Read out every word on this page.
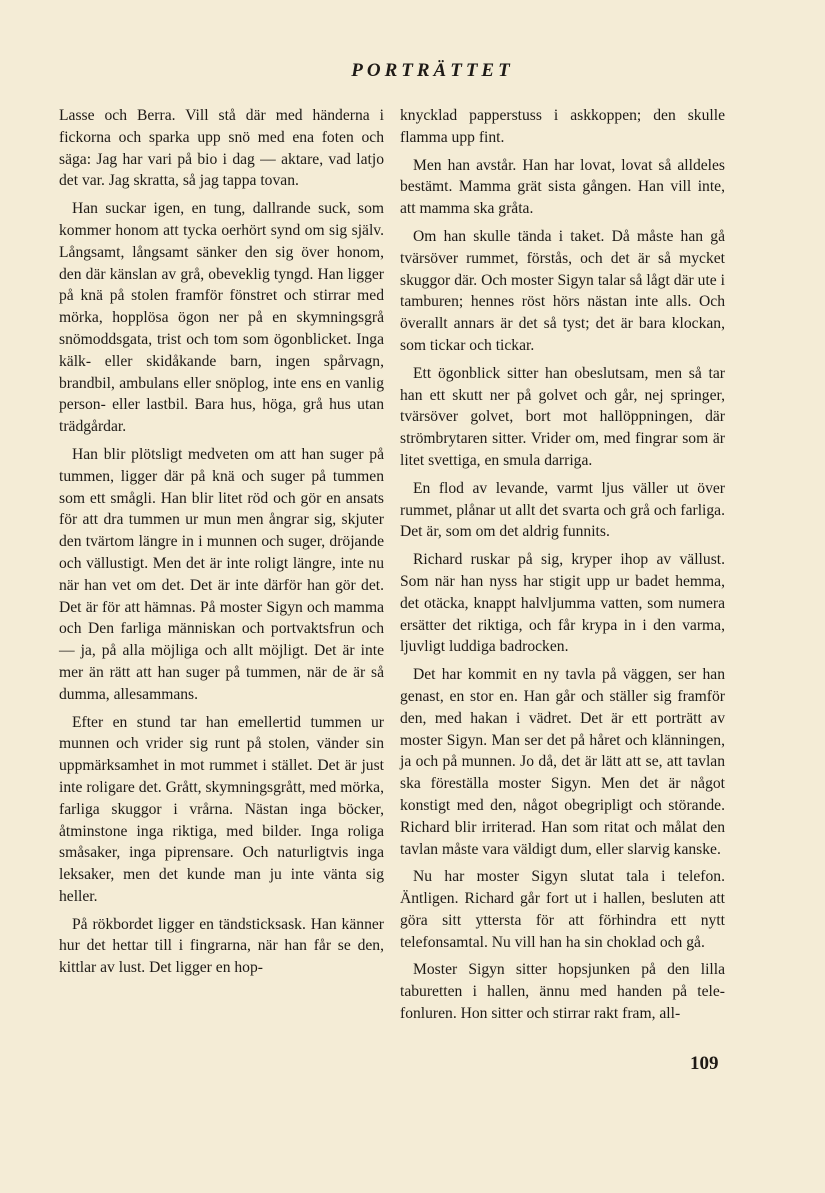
PORTRÄTTET

Lasse och Berra. Vill stå där med händerna i fickorna och sparka upp snö med ena foten och säga: Jag har vari på bio i dag — aktare, vad latjo det var. Jag skratta, så jag tappa tovan.

Han suckar igen, en tung, dallrande suck, som kommer honom att tycka oerhört synd om sig själv. Långsamt, långsamt sänker den sig över honom, den där känslan av grå, obeveklig tyngd. Han ligger på knä på stolen framför fönstret och stirrar med mörka, hopplösa ögon ner på en skymningsgrå snömoddsgata, trist och tom som ögonblicket. Inga kälk- eller skidåkande barn, ingen spårvagn, brandbil, ambulans eller snöplog, inte ens en vanlig person- eller lastbil. Bara hus, höga, grå hus utan trädgårdar.

Han blir plötsligt medveten om att han suger på tummen, ligger där på knä och suger på tummen som ett smågli. Han blir litet röd och gör en ansats för att dra tummen ur mun men ångrar sig, skjuter den tvärtom längre in i munnen och suger, dröjande och vällustigt. Men det är inte roligt längre, inte nu när han vet om det. Det är inte därför han gör det. Det är för att hämnas. På moster Sigyn och mamma och Den farliga människan och portvaktsfrun och — ja, på alla möjliga och allt möjligt. Det är inte mer än rätt att han suger på tummen, när de är så dumma, allesammans.

Efter en stund tar han emellertid tummen ur munnen och vrider sig runt på stolen, vänder sin uppmärksamhet in mot rummet i stället. Det är just inte roligare det. Grått, skymningsgrått, med mörka, farliga skuggor i vrårna. Nästan inga böcker, åtminstone inga riktiga, med bilder. Inga roliga småsaker, inga piprensare. Och naturligtvis inga leksaker, men det kunde man ju inte vänta sig heller.

På rökbordet ligger en tändsticksask. Han känner hur det hettar till i fingrarna, när han får se den, kittlar av lust. Det ligger en hop-

knycklad papperstuss i askkoppen; den skulle flamma upp fint.

Men han avstår. Han har lovat, lovat så alldeles bestämt. Mamma grät sista gången. Han vill inte, att mamma ska gråta.

Om han skulle tända i taket. Då måste han gå tvärsöver rummet, förstås, och det är så mycket skuggor där. Och moster Sigyn talar så lågt där ute i tamburen; hennes röst hörs nästan inte alls. Och överallt annars är det så tyst; det är bara klockan, som tickar och tickar.

Ett ögonblick sitter han obeslutsam, men så tar han ett skutt ner på golvet och går, nej springer, tvärsöver golvet, bort mot hallöppningen, där strömbrytaren sitter. Vrider om, med fingrar som är litet svettiga, en smula darriga.

En flod av levande, varmt ljus väller ut över rummet, plånar ut allt det svarta och grå och farliga. Det är, som om det aldrig funnits.

Richard ruskar på sig, kryper ihop av vällust. Som när han nyss har stigit upp ur badet hemma, det otäcka, knappt halvljumma vatten, som numera ersätter det riktiga, och får krypa in i den varma, ljuvligt luddiga badrocken.

Det har kommit en ny tavla på väggen, ser han genast, en stor en. Han går och ställer sig framför den, med hakan i vädret. Det är ett porträtt av moster Sigyn. Man ser det på håret och klänningen, ja och på munnen. Jo då, det är lätt att se, att tavlan ska föreställa moster Sigyn. Men det är något konstigt med den, något obegripligt och störande. Richard blir irriterad. Han som ritat och målat den tavlan måste vara väldigt dum, eller slarvig kanske.

Nu har moster Sigyn slutat tala i telefon. Äntligen. Richard går fort ut i hallen, besluten att göra sitt yttersta för att förhindra ett nytt telefonsamtal. Nu vill han ha sin choklad och gå.

Moster Sigyn sitter hopsjunken på den lilla taburetten i hallen, ännu med handen på telefonluren. Hon sitter och stirrar rakt fram, all-

109
